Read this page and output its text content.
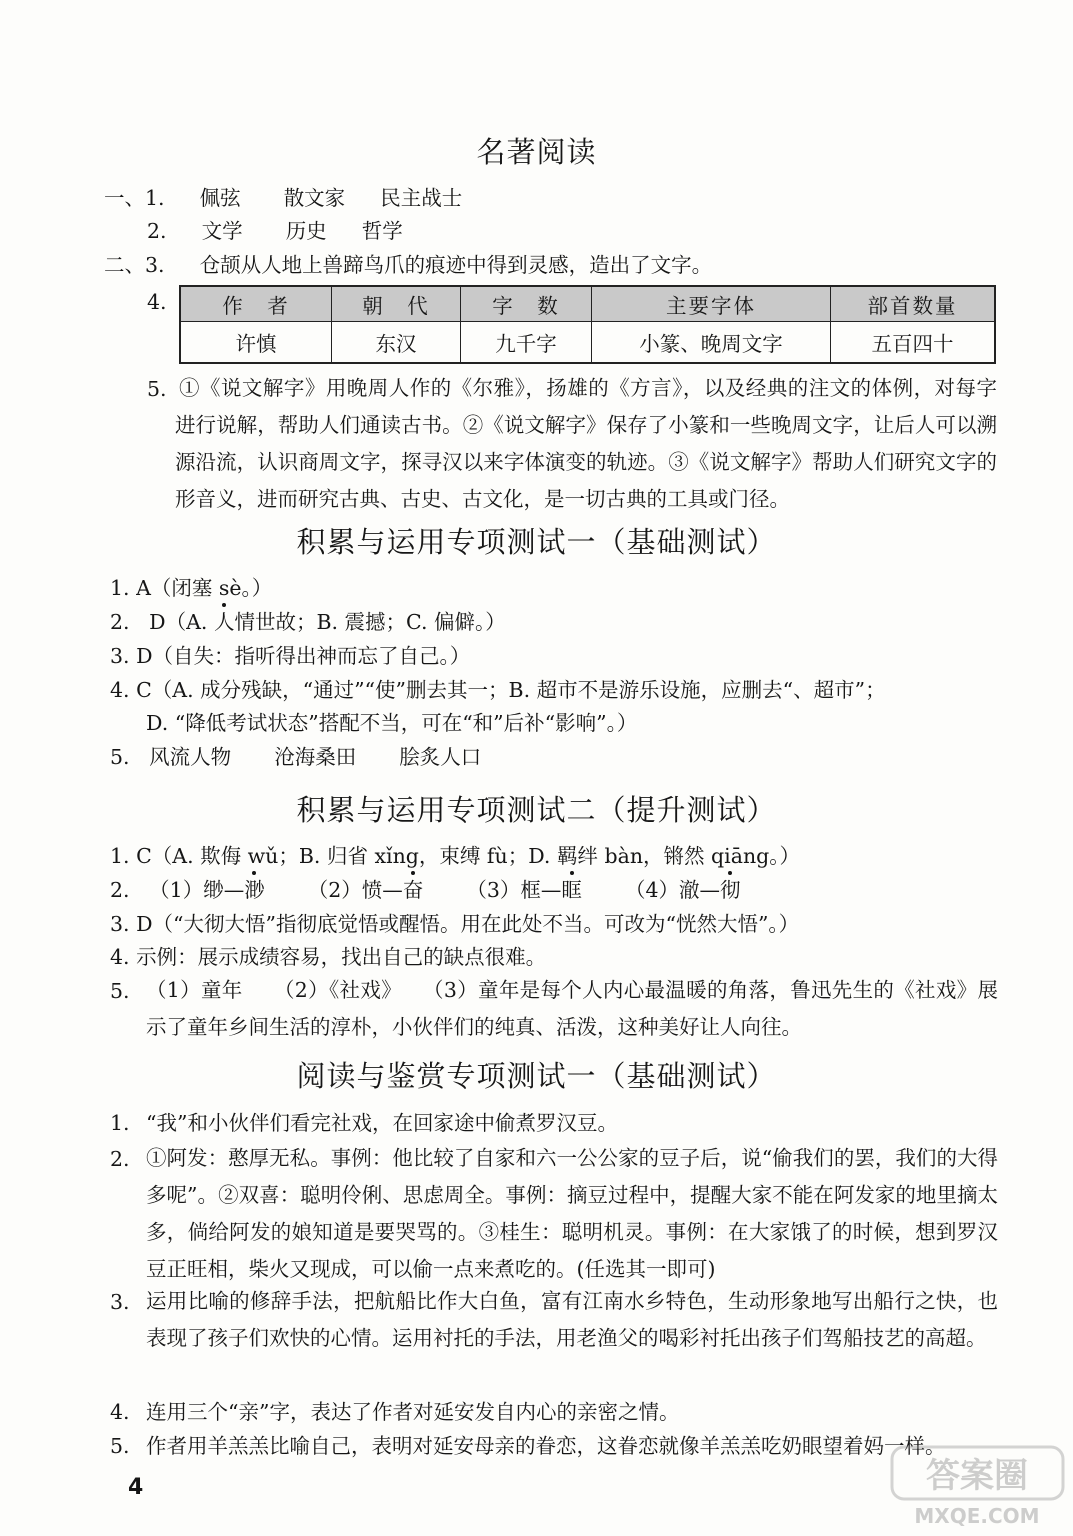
名著阅读
一、1. 佩弦 散文家 民主战士
2. 文学 历史 哲学
二、3. 仓颉从人地上兽蹄鸟爪的痕迹中得到灵感，造出了文字。
4.	作　者	朝　代	字　数	主要字体	部首数量
许慎	东汉	九千字	小篆、晚周文字	五百四十
5. ①《说文解字》用晚周人作的《尔雅》，扬雄的《方言》，以及经典的注文的体例，对每字进行说解，帮助人们通读古书。②《说文解字》保存了小篆和一些晚周文字，让后人可以溯源沿流，认识商周文字，探寻汉以来字体演变的轨迹。③《说文解字》帮助人们研究文字的形音义，进而研究古典、古史、古文化，是一切古典的工具或门径。
积累与运用专项测试一（基础测试）
1. A（闭塞 sè。）
2. D（A. 人情世故；B. 震撼；C. 偏僻。）
3. D（自失：指听得出神而忘了自己。）
4. C（A. 成分残缺，“通过”“使”删去其一；B. 超市不是游乐设施，应删去“、超市”；
D. “降低考试状态”搭配不当，可在“和”后补“影响”。）
5. 风流人物 沧海桑田 脍炙人口
积累与运用专项测试二（提升测试）
1. C（A. 欺侮 wǔ；B. 归省 xǐng，束缚 fù；D. 羁绊 bàn，锵然 qiāng。）
2. （1）缈—渺 （2）愤—奋 （3）框—眶 （4）澈—彻
3. D（“大彻大悟”指彻底觉悟或醒悟。用在此处不当。可改为“恍然大悟”。）
4. 示例：展示成绩容易，找出自己的缺点很难。
5. （1）童年　　（2）《社戏》　　（3）童年是每个人内心最温暖的角落，鲁迅先生的《社戏》展示了童年乡间生活的淳朴，小伙伴们的纯真、活泼，这种美好让人向往。
阅读与鉴赏专项测试一（基础测试）
1. “我”和小伙伴们看完社戏，在回家途中偷煮罗汉豆。
2. ①阿发：憨厚无私。事例：他比较了自家和六一公公家的豆子后，说“偷我们的罢，我们的大得多呢”。②双喜：聪明伶俐、思虑周全。事例：摘豆过程中，提醒大家不能在阿发家的地里摘太多，倘给阿发的娘知道是要哭骂的。③桂生：聪明机灵。事例：在大家饿了的时候，想到罗汉豆正旺相，柴火又现成，可以偷一点来煮吃的。(任选其一即可)
3. 运用比喻的修辞手法，把航船比作大白鱼，富有江南水乡特色，生动形象地写出船行之快，也表现了孩子们欢快的心情。运用衬托的手法，用老渔父的喝彩衬托出孩子们驾船技艺的高超。
4. 连用三个“亲”字，表达了作者对延安发自内心的亲密之情。
5. 作者用羊羔羔比喻自己，表明对延安母亲的眷恋，这眷恋就像羊羔羔吃奶眼望着妈一样。
4	答案圈
MXQE.COM
